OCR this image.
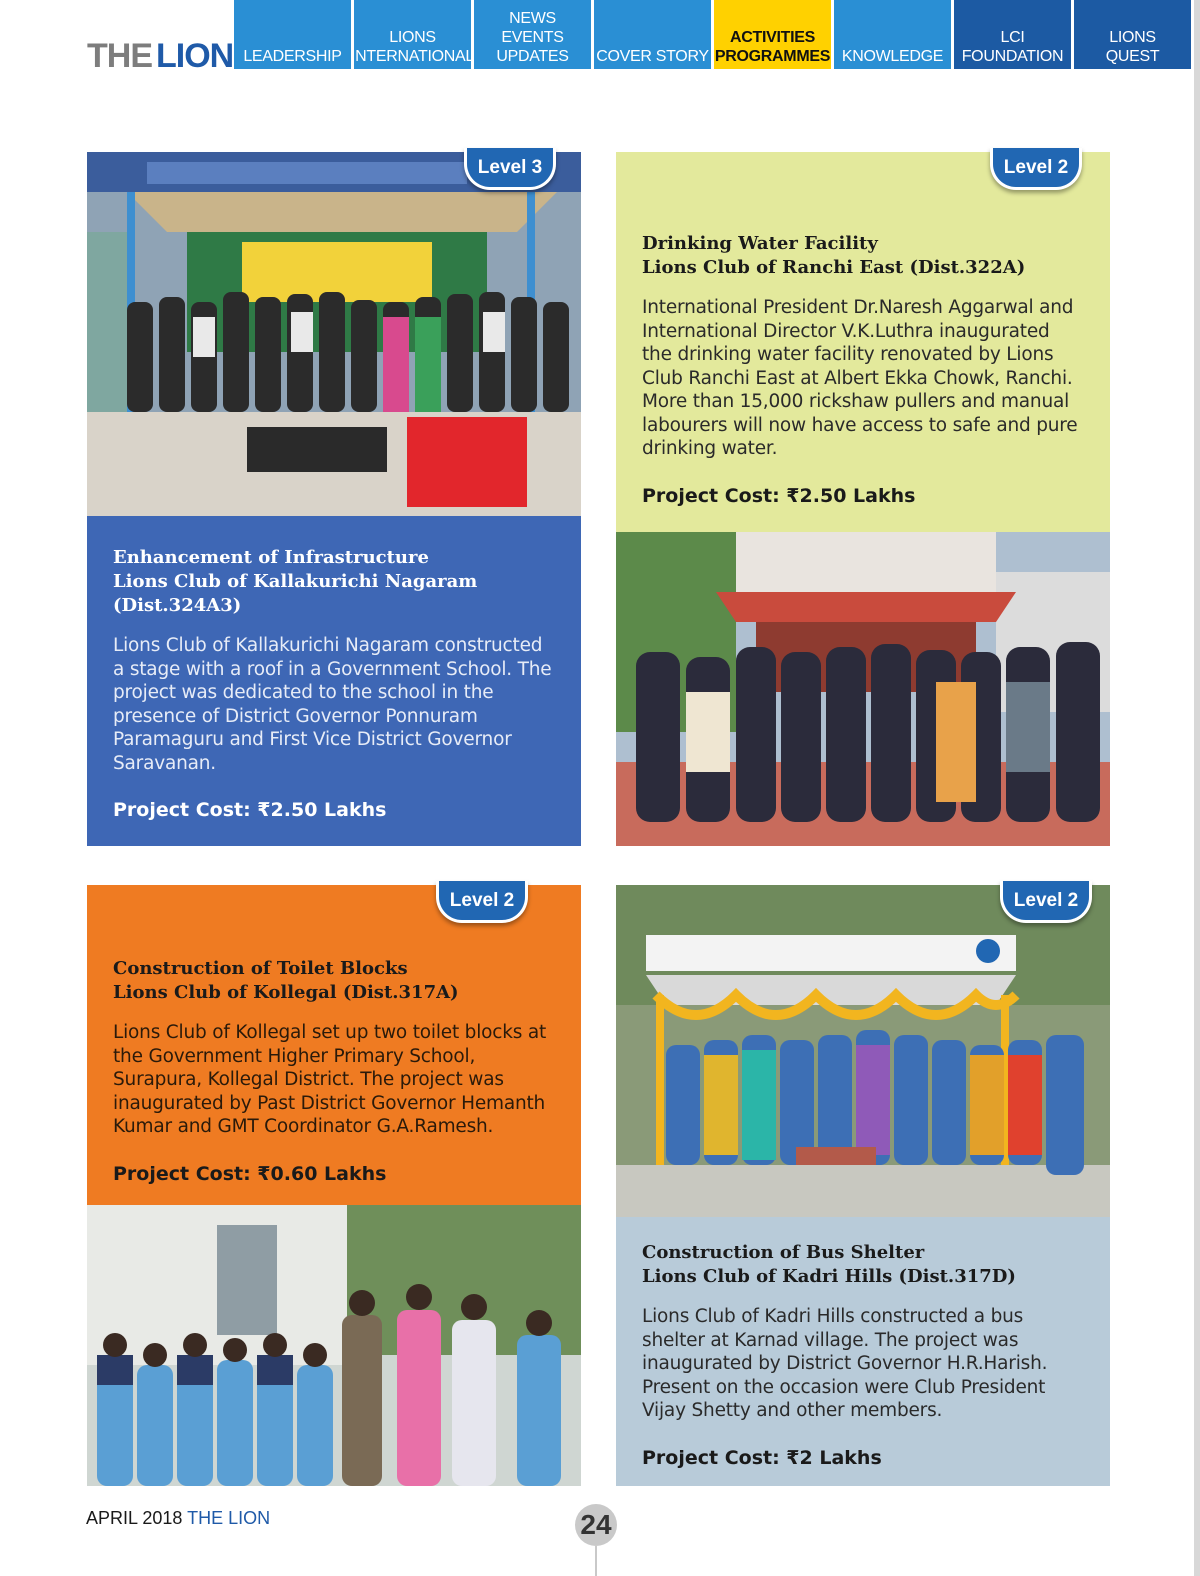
THE LION LEADERSHIP
LIONS
INTERNATIONAL
NEWS
EVENTS
UPDATES	COVER STORY
ACTIVITIES
PROGRAMMES KNOWLEDGE
LCI
FOUNDATION
LIONS
QUEST
Level 3

Enhancement of Infrastructure
Lions Club of Kallakurichi Nagaram (Dist.324A3)

Lions Club of Kallakurichi Nagaram constructed a stage with a roof in a Government School. The project was dedicated to the school in the presence of District Governor Ponnuram Paramaguru and First Vice District Governor Saravanan.

Project Cost: ₹2.50 Lakhs

Drinking Water Facility
Lions Club of Ranchi East (Dist.322A)

International President Dr.Naresh Aggarwal and International Director V.K.Luthra inaugurated the drinking water facility renovated by Lions Club Ranchi East at Albert Ekka Chowk, Ranchi. More than 15,000 rickshaw pullers and manual labourers will now have access to safe and pure drinking water.

Project Cost: ₹2.50 Lakhs

Level 2

Construction of Toilet Blocks
Lions Club of Kollegal (Dist.317A)

Lions Club of Kollegal set up two toilet blocks at the Government Higher Primary School, Surapura, Kollegal District. The project was inaugurated by Past District Governor Hemanth Kumar and GMT Coordinator G.A.Ramesh.

Project Cost: ₹0.60 Lakhs

Level 2	Level 2

Construction of Bus Shelter
Lions Club of Kadri Hills (Dist.317D)

Lions Club of Kadri Hills constructed a bus shelter at Karnad village. The project was inaugurated by District Governor H.R.Harish. Present on the occasion were Club President Vijay Shetty and other members.

Project Cost: ₹2 Lakhs

APRIL 2018 THE LION	24
